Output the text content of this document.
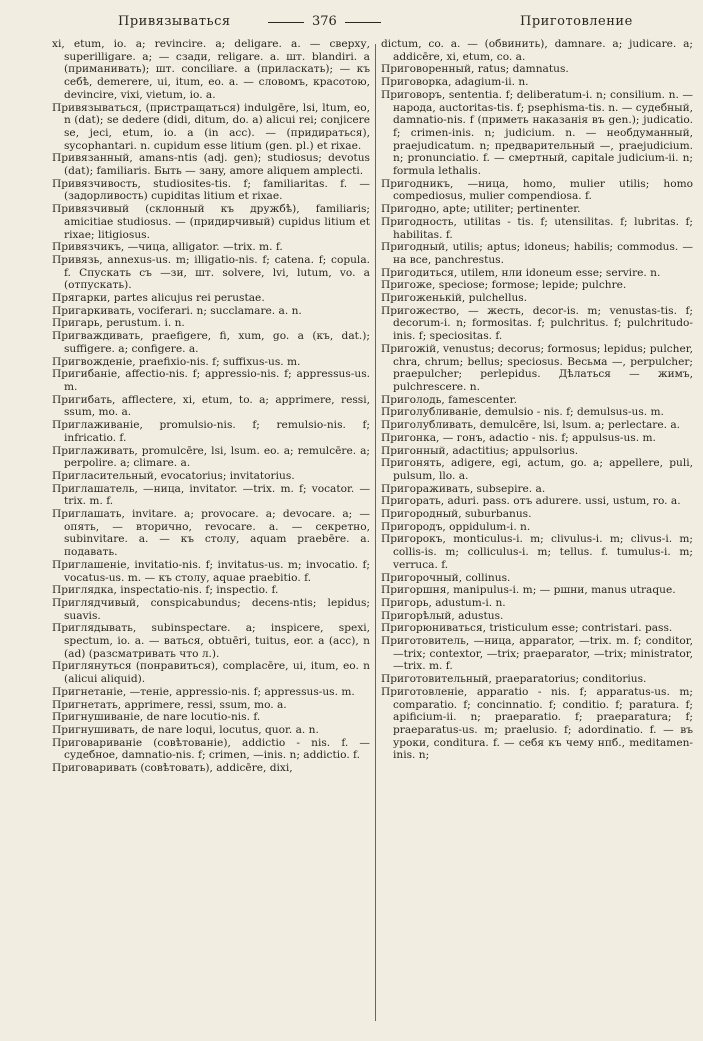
Привязываться	376	Приготовление

xi, etum, io. a; revincire. a; deligare. a. — сверху, superilligare. a; — сзади, religare. a. шт. blandiri. a (приманивать); шт. conciliare. a (приласкать); — къ себѣ, demerere, ui, itum, eo. a. — словомъ, красотою, devincire, vixi, vietum, io. a.

Привязываться, (пристращаться) indulgēre, lsi, ltum, eo, n (dat); se dedere (didi, ditum, do. a) alicui rei; conjicere se, jeci, etum, io. a (in acc). — (придираться), sycophantari. n. cupidum esse litium (gen. pl.) et rixae.

Привязанный, amans-ntis (adj. gen); studiosus; devotus (dat); familiaris. Быть — занy, amore aliquem amplecti.

Привязчивость, studiosites-tis. f; familiaritas. f. — (задорливость) cupiditas litium et rixae.

Привязчивый (склонный къ дружбѣ), familiaris; amicitiae studiosus. — (придирчивый) cupidus litium et rixae; litigiosus.

Привязчикъ, —чица, alligator. —trix. m. f.

Привязь, annexus-us. m; illigatio-nis. f; catena. f; copula. f. Спускать съ —зи, шт. solvere, lvi, lutum, vo. a (отпускать).

Прягарки, partes alicujus rei perustae.

Пригаркивать, vociferari. n; succlamare. a. n.

Пригарь, perustum. i. n.

Пригваждивать, praefigere, fi, xum, go. a (къ, dat.); suffigere. a; configere. a.

Пригвожденіе, praefixio-nis. f; suffixus-us. m.

Пригибаніе, affectio-nis. f; appressio-nis. f; appressus-us. m.

Пригибать, afflectere, xi, etum, to. a; apprimere, ressi, ssum, mo. a.

Приглаживаніе, promulsio-nis. f; remulsio-nis. f; infricatio. f.

Приглаживать, promulcēre, lsi, lsum. eo. a; remulcēre. a; perpolire. a; climare. a.

Пригласительный, evocatorius; invitatorius.

Приглашатель, —ница, invitator. —trix. m. f; vocator. —trix. m. f.

Приглашать, invitare. a; provocare. a; devocare. a; — опять, — вторично, revocare. a. — секретно, subinvitare. a. — къ столу, aquam praebēre. a. подавать.

Приглашеніе, invitatio-nis. f; invitatus-us. m; invocatio. f; vocatus-us. m. — къ столу, aquae praebitio. f.

Приглядка, inspectatio-nis. f; inspectio. f.

Приглядчивый, conspicabundus; decens-ntis; lepidus; suavis.

Приглядывать, subinspectare. a; inspicere, spexi, spectum, io. a. — ваться, obtuēri, tuitus, eor. a (acc), n (ad) (разсматривать что л.).

Приглянуться (понравиться), complacēre, ui, itum, eo. n (alicui aliquid).

Пригнетаніе, —теніе, appressio-nis. f; appressus-us. m.

Пригнетать, apprimere, ressi, ssum, mo. a.

Пригнушиваніе, de nare locutio-nis. f.

Пригнушивать, de nare loqui, locutus, quor. a. n.

Приговариваніе (совѣтованіе), addictio - nis. f. — судебное, damnatio-nis. f; crimen, —inis. n; addictio. f.

Приговаривать (совѣтовать), addicēre, dixi,

dictum, co. a. — (обвинить), damnare. a; judicare. a; addicēre, xi, etum, co. a.

Приговоренный, ratus; damnatus.

Приговорка, adagium-ii. n.

Приговоръ, sententia. f; deliberatum-i. n; consilium. n. — народа, auctoritas-tis. f; psephisma-tis. n. — судебный, damnatio-nis. f (приметь наказанія въ gen.); judicatio. f; crimen-inis. n; judicium. n. — необдуманный, praejudicatum. n; предварительный —, praejudicium. n; pronunciatio. f. — смертный, capitale judicium-ii. n; formula lethalis.

Пригодникъ, —ница, homo, mulier utilis; homo compediosus, mulier compendiosa. f.

Пригодно, apte; utiliter; pertinenter.

Пригодность, utilitas - tis. f; utensilitas. f; lubritas. f; habilitas. f.

Пригодный, utilis; aptus; idoneus; habilis; commodus. — на все, panchrestus.

Пригодиться, utilem, нли idoneum esse; servire. n.

Пригоже, speciose; formose; lepide; pulchre.

Пригоженькій, pulchellus.

Пригожество, — жесть, decor-is. m; venustas-tis. f; decorum-i. n; formositas. f; pulchritus. f; pulchritudo-inis. f; speciositas. f.

Пригожій, venustus; decorus; formosus; lepidus; pulcher, chra, chrum; bellus; speciosus. Весьма —, perpulcher; praepulcher; perlepidus. Дѣлаться — жимъ, pulchrescere. n.

Приголодь, famescenter.

Приголубливаніе, demulsio - nis. f; demulsus-us. m.

Приголубливать, demulcēre, lsi, lsum. a; perlectare. a.

Пригонка, — гонъ, adactio - nis. f; appulsus-us. m.

Пригонный, adactitius; appulsorius.

Пригонять, adigere, egi, actum, go. a; appellere, puli, pulsum, llo. a.

Пригораживать, subsepire. a.

Пригорать, aduri. pass. отъ adurere. ussi, ustum, ro. a.

Пригородный, suburbanus.

Пригородъ, oppidulum-i. n.

Пригорокъ, monticulus-i. m; clivulus-i. m; clivus-i. m; collis-is. m; colliculus-i. m; tellus. f. tumulus-i. m; verruca. f.

Пригорочный, collinus.

Пригоршня, manipulus-i. m; — ршни, manus utraque.

Пригорь, adustum-i. n.

Пригорѣлый, adustus.

Пригорюниваться, tristiculum esse; contristari. pass.

Приготовитель, —ница, apparator, —trix. m. f; conditor, —trix; contextor, —trix; praeparator, —trix; ministrator, —trix. m. f.

Приготовительный, praeparatorius; conditorius.

Приготовленіе, apparatio - nis. f; apparatus-us. m; comparatio. f; concinnatio. f; conditio. f; paratura. f; apificium-ii. n; praeparatio. f; praeparatura; f; praeparatus-us. m; praelusio. f; adordinatio. f. — въ уроки, conditura. f. — себя къ чему нпб., meditamen-inis. n;
